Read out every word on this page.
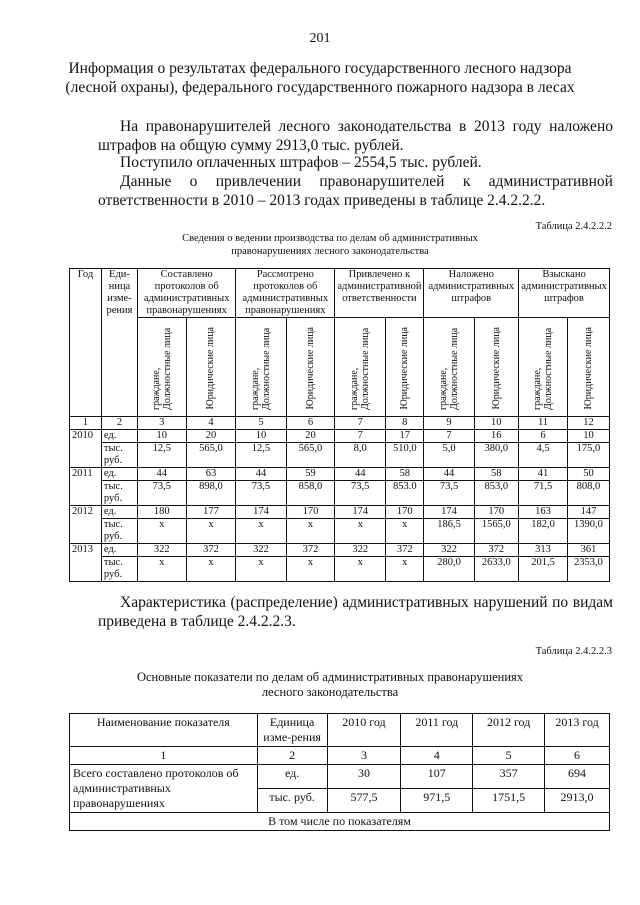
201
Информация о результатах федерального государственного лесного надзора (лесной охраны), федерального государственного пожарного надзора в лесах
На правонарушителей лесного законодательства в 2013 году наложено штрафов на общую сумму 2913,0 тыс. рублей.
Поступило оплаченных штрафов – 2554,5 тыс. рублей.
Данные о привлечении правонарушителей к административной
ответственности в 2010 – 2013 годах приведены в таблице 2.4.2.2.2.
Таблица 2.4.2.2.2
Сведения о ведении производства по делам об административных правонарушениях лесного законодательства
Год	Еди-ница изме-рения	Составлено протоколов об административных правонарушениях		Рассмотрено протоколов об административных правонарушениях		Привлечено к административной ответственности		Наложено административных штрафов		Взыскано административных штрафов	
		граждане, Должностные лица	Юридические лица	граждане, Должностные лица	Юридические лица	граждане, Должностные лица	Юридические лица	граждане, Должностные лица	Юридические лица	граждане, Должностные лица	Юридические лица
1	2	3	4	5	6	7	8	9	10	11	12
2010	ед.	10	20	10	20	7	17	7	16	6	10
	тыс. руб.	12,5	565,0	12,5	565,0	8,0	510,0	5,0	380,0	4,5	175,0
2011	ед.	44	63	44	59	44	58	44	58	41	50
	тыс. руб.	73,5	898,0	73,5	858,0	73,5	853.0	73,5	853,0	71,5	808,0
2012	ед.	180	177	174	170	174	170	174	170	163	147
	тыс. руб.	x	x	x	x	x	x	186,5	1565,0	182,0	1390,0
2013	ед.	322	372	322	372	322	372	322	372	313	361
	тыс. руб.	x	x	x	x	x	x	280,0	2633,0	201,5	2353,0
Характеристика (распределение) административных нарушений по видам
приведена в таблице 2.4.2.2.3.
Таблица 2.4.2.2.3
Основные показатели по делам об административных правонарушениях лесного законодательства
Наименование показателя	Единица изме-рения	2010 год	2011 год	2012 год	2013 год
1	2	3	4	5	6
Всего составлено протоколов об административных правонарушениях	ед.	30	107	357	694
	тыс. руб.	577,5	971,5	1751,5	2913,0
В том числе по показателям					
